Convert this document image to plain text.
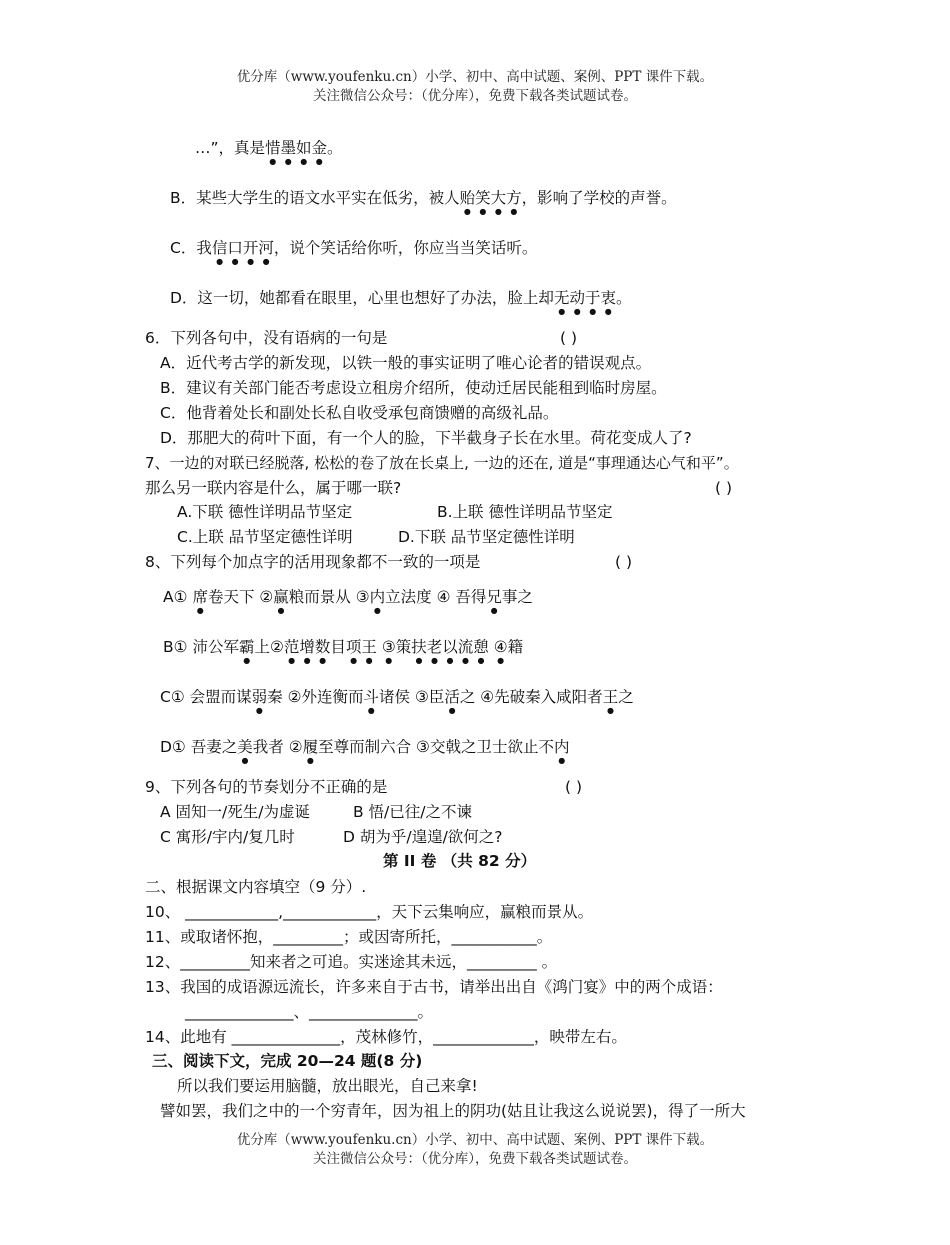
优分库（www.youfenku.cn）小学、初中、高中试题、案例、PPT 课件下载。
关注微信公众号：（优分库），免费下载各类试题试卷。
…”，真是惜墨如金。
B．某些大学生的语文水平实在低劣，被人贻笑大方，影响了学校的声誉。
C．我信口开河，说个笑话给你听，你应当当笑话听。
D．这一切，她都看在眼里，心里也想好了办法，脸上却无动于衷。
6．下列各句中，没有语病的一句是	( )
A．近代考古学的新发现，以铁一般的事实证明了唯心论者的错误观点。
B．建议有关部门能否考虑设立租房介绍所，使动迁居民能租到临时房屋。
C．他背着处长和副处长私自收受承包商馈赠的高级礼品。
D．那肥大的荷叶下面，有一个人的脸，下半截身子长在水里。荷花变成人了?
7、一边的对联已经脱落, 松松的卷了放在长桌上, 一边的还在, 道是“事理通达心气和平”。
那么另一联内容是什么，属于哪一联?	( )
A.下联 德性详明品节坚定	B.上联 德性详明品节坚定
C.上联 品节坚定德性详明	D.下联 品节坚定德性详明
8、下列每个加点字的活用现象都不一致的一项是	( )
A① 席卷天下 ②赢粮而景从 ③内立法度 ④ 吾得兄事之
B① 沛公军霸上②范增数目项王 ③策扶老以流憩 ④籍
C① 会盟而谋弱秦 ②外连衡而斗诸侯 ③臣活之 ④先破秦入咸阳者王之
D① 吾妻之美我者 ②履至尊而制六合 ③交戟之卫士欲止不内
9、下列各句的节奏划分不正确的是	( )
A 固知一/死生/为虚诞	B 悟/已往/之不谏
C 寓形/宇内/复几时	D 胡为乎/遑遑/欲何之?
第 II 卷 （共 82 分）
二、根据课文内容填空（9 分）.
10、 ____________,____________，天下云集响应，赢粮而景从。
11、或取诸怀抱，_________；或因寄所托，___________。
12、_________知来者之可追。实迷途其未远，_________ 。
13、我国的成语源远流长，许多来自于古书，请举出出自《鸿门宴》中的两个成语：
______________、______________。
14、此地有 ______________，茂林修竹，_____________，映带左右。
三、阅读下文，完成 20—24 题(8 分)
所以我们要运用脑髓，放出眼光，自己来拿!
譬如罢，我们之中的一个穷青年，因为祖上的阴功(姑且让我这么说说罢)，得了一所大
优分库（www.youfenku.cn）小学、初中、高中试题、案例、PPT 课件下载。
关注微信公众号：（优分库），免费下载各类试题试卷。
